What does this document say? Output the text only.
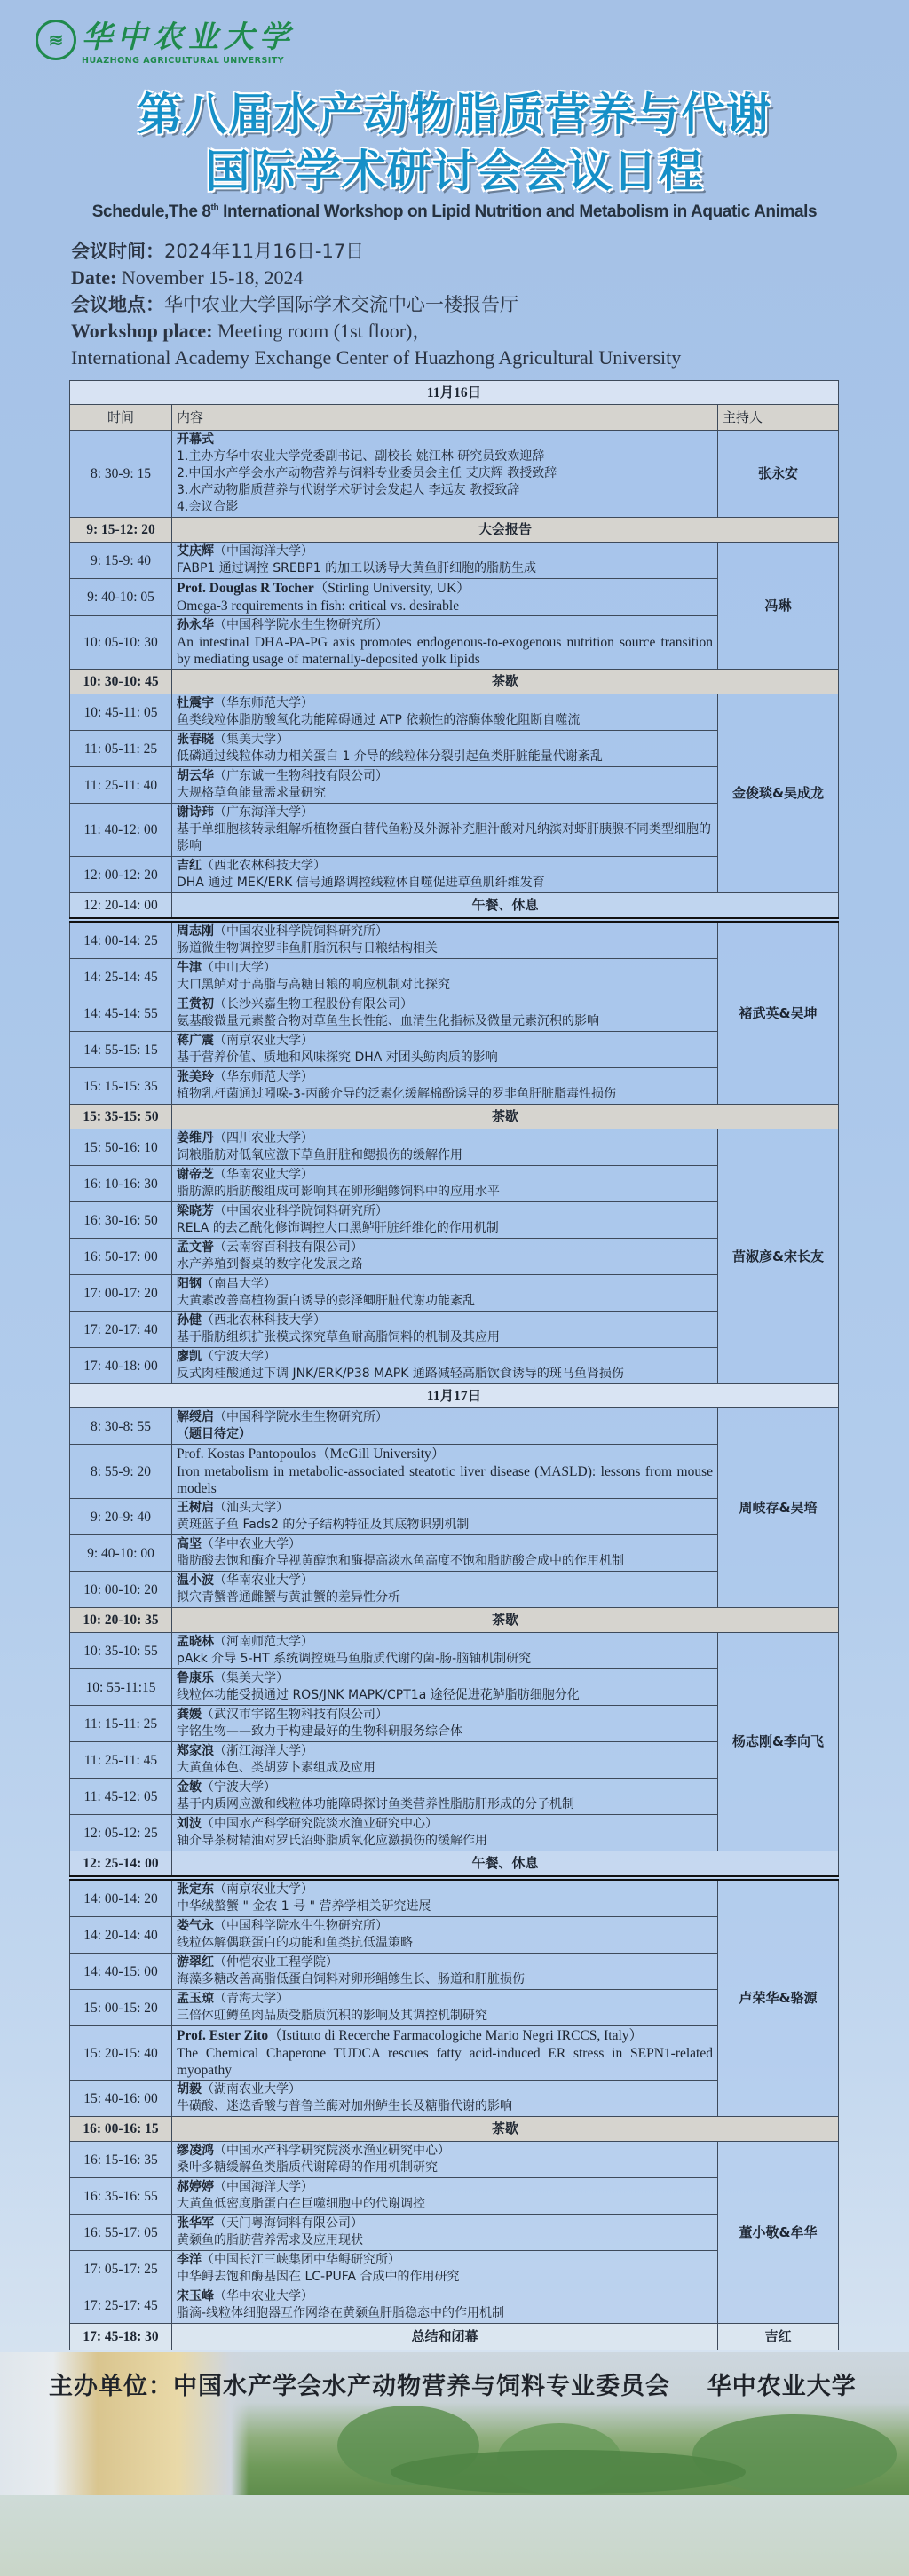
≋ 华中农业大学
HUAZHONG AGRICULTURAL UNIVERSITY
第八届水产动物脂质营养与代谢
国际学术研讨会会议日程
Schedule,The 8th International Workshop on Lipid Nutrition and Metabolism in Aquatic Animals
会议时间：2024年11月16日-17日
Date: November 15-18, 2024
会议地点：华中农业大学国际学术交流中心一楼报告厅
Workshop place: Meeting room (1st floor)，
International Academy Exchange Center of Huazhong Agricultural University
11月16日		
时间	内容	主持人
8: 30-9: 15	开幕式
1.主办方华中农业大学党委副书记、副校长 姚江林 研究员致欢迎辞
2.中国水产学会水产动物营养与饲料专业委员会主任 艾庆辉 教授致辞
3.水产动物脂质营养与代谢学术研讨会发起人 李远友 教授致辞
4.会议合影	张永安
9: 15-12: 20	大会报告	
9: 15-9: 40	艾庆辉（中国海洋大学）
FABP1 通过调控 SREBP1 的加工以诱导大黄鱼肝细胞的脂肪生成	冯琳
9: 40-10: 05	Prof. Douglas R Tocher（Stirling University, UK）
Omega-3 requirements in fish: critical vs. desirable	

10: 05-10: 30	孙永华（中国科学院水生生物研究所）
An intestinal DHA-PA-PG axis promotes endogenous-to-exogenous nutrition source transition by mediating usage of maternally-deposited yolk lipids	

10: 30-10: 45	茶歇	
10: 45-11: 05	杜震宇（华东师范大学）
鱼类线粒体脂肪酸氧化功能障碍通过 ATP 依赖性的溶酶体酸化阻断自噬流	金俊琰&吴成龙
11: 05-11: 25	张春晓（集美大学）
低磷通过线粒体动力相关蛋白 1 介导的线粒体分裂引起鱼类肝脏能量代谢紊乱	

11: 25-11: 40	胡云华（广东诚一生物科技有限公司）
大规格草鱼能量需求量研究	

11: 40-12: 00	谢诗玮（广东海洋大学）
基于单细胞核转录组解析植物蛋白替代鱼粉及外源补充胆汁酸对凡纳滨对虾肝胰腺不同类型细胞的影响	

12: 00-12: 20	吉红（西北农林科技大学）
DHA 通过 MEK/ERK 信号通路调控线粒体自噬促进草鱼肌纤维发育	

12: 20-14: 00	午餐、休息	
14: 00-14: 25	周志刚（中国农业科学院饲料研究所）
肠道微生物调控罗非鱼肝脂沉积与日粮结构相关	褚武英&吴坤
14: 25-14: 45	牛津（中山大学）
大口黑鲈对于高脂与高糖日粮的响应机制对比探究	

14: 45-14: 55	王赏初（长沙兴嘉生物工程股份有限公司）
氨基酸微量元素螯合物对草鱼生长性能、血清生化指标及微量元素沉积的影响	

14: 55-15: 15	蒋广震（南京农业大学）
基于营养价值、质地和风味探究 DHA 对团头鲂肉质的影响	

15: 15-15: 35	张美玲（华东师范大学）
植物乳杆菌通过吲哚-3-丙酸介导的泛素化缓解棉酚诱导的罗非鱼肝脏脂毒性损伤	

15: 35-15: 50	茶歇	
15: 50-16: 10	姜维丹（四川农业大学）
饲粮脂肪对低氧应激下草鱼肝脏和鳃损伤的缓解作用	苗淑彦&宋长友
16: 10-16: 30	谢帝芝（华南农业大学）
脂肪源的脂肪酸组成可影响其在卵形鲳鲹饲料中的应用水平	

16: 30-16: 50	梁晓芳（中国农业科学院饲料研究所）
RELA 的去乙酰化修饰调控大口黑鲈肝脏纤维化的作用机制	

16: 50-17: 00	孟文普（云南容百科技有限公司）
水产养殖到餐桌的数字化发展之路	

17: 00-17: 20	阳钢（南昌大学）
大黄素改善高植物蛋白诱导的彭泽鲫肝脏代谢功能紊乱	

17: 20-17: 40	孙健（西北农林科技大学）
基于脂肪组织扩张模式探究草鱼耐高脂饲料的机制及其应用	

17: 40-18: 00	廖凯（宁波大学）
反式肉桂酸通过下调 JNK/ERK/P38 MAPK 通路减轻高脂饮食诱导的斑马鱼肾损伤	

11月17日		
8: 30-8: 55	解绶启（中国科学院水生生物研究所）
（题目待定）	周岐存&吴培
8: 55-9: 20	Prof. Kostas Pantopoulos（McGill University）
Iron metabolism in metabolic-associated steatotic liver disease (MASLD): lessons from mouse models	

9: 20-9: 40	王树启（汕头大学）
黄斑蓝子鱼 Fads2 的分子结构特征及其底物识别机制	

9: 40-10: 00	高坚（华中农业大学）
脂肪酸去饱和酶介导视黄醇饱和酶提高淡水鱼高度不饱和脂肪酸合成中的作用机制	

10: 00-10: 20	温小波（华南农业大学）
拟穴青蟹普通雌蟹与黄油蟹的差异性分析	

10: 20-10: 35	茶歇	
10: 35-10: 55	孟晓林（河南师范大学）
pAkk 介导 5-HT 系统调控斑马鱼脂质代谢的菌-肠-脑轴机制研究	杨志刚&李向飞
10: 55-11:15	鲁康乐（集美大学）
线粒体功能受损通过 ROS/JNK MAPK/CPT1a 途径促进花鲈脂肪细胞分化	

11: 15-11: 25	龚媛（武汉市宇铭生物科技有限公司）
宇铭生物——致力于构建最好的生物科研服务综合体	

11: 25-11: 45	郑家浪（浙江海洋大学）
大黄鱼体色、类胡萝卜素组成及应用	

11: 45-12: 05	金敏（宁波大学）
基于内质网应激和线粒体功能障碍探讨鱼类营养性脂肪肝形成的分子机制	

12: 05-12: 25	刘波（中国水产科学研究院淡水渔业研究中心）
轴介导茶树精油对罗氏沼虾脂质氧化应激损伤的缓解作用	

12: 25-14: 00	午餐、休息	
14: 00-14: 20	张定东（南京农业大学）
中华绒螯蟹 " 金农 1 号 " 营养学相关研究进展	卢荣华&骆源
14: 20-14: 40	娄气永（中国科学院水生生物研究所）
线粒体解偶联蛋白的功能和鱼类抗低温策略	

14: 40-15: 00	游翠红（仲恺农业工程学院）
海藻多糖改善高脂低蛋白饲料对卵形鲳鲹生长、肠道和肝脏损伤	

15: 00-15: 20	孟玉琼（青海大学）
三倍体虹鳟鱼肉品质受脂质沉积的影响及其调控机制研究	

15: 20-15: 40	Prof. Ester Zito（Istituto di Recerche Farmacologiche Mario Negri IRCCS, Italy）
The Chemical Chaperone TUDCA rescues fatty acid-induced ER stress in SEPN1-related myopathy	

15: 40-16: 00	胡毅（湖南农业大学）
牛磺酸、迷迭香酸与普鲁兰酶对加州鲈生长及糖脂代谢的影响	

16: 00-16: 15	茶歇	
16: 15-16: 35	缪凌鸿（中国水产科学研究院淡水渔业研究中心）
桑叶多糖缓解鱼类脂质代谢障碍的作用机制研究	董小敬&牟华
16: 35-16: 55	郝婷婷（中国海洋大学）
大黄鱼低密度脂蛋白在巨噬细胞中的代谢调控	

16: 55-17: 05	张华军（天门粤海饲料有限公司）
黄颡鱼的脂肪营养需求及应用现状	

17: 05-17: 25	李洋（中国长江三峡集团中华鲟研究所）
中华鲟去饱和酶基因在 LC-PUFA 合成中的作用研究	

17: 25-17: 45	宋玉峰（华中农业大学）
脂滴-线粒体细胞器互作网络在黄颡鱼肝脂稳态中的作用机制	

17: 45-18: 30	总结和闭幕	吉红
主办单位：中国水产学会水产动物营养与饲料专业委员会 华中农业大学
